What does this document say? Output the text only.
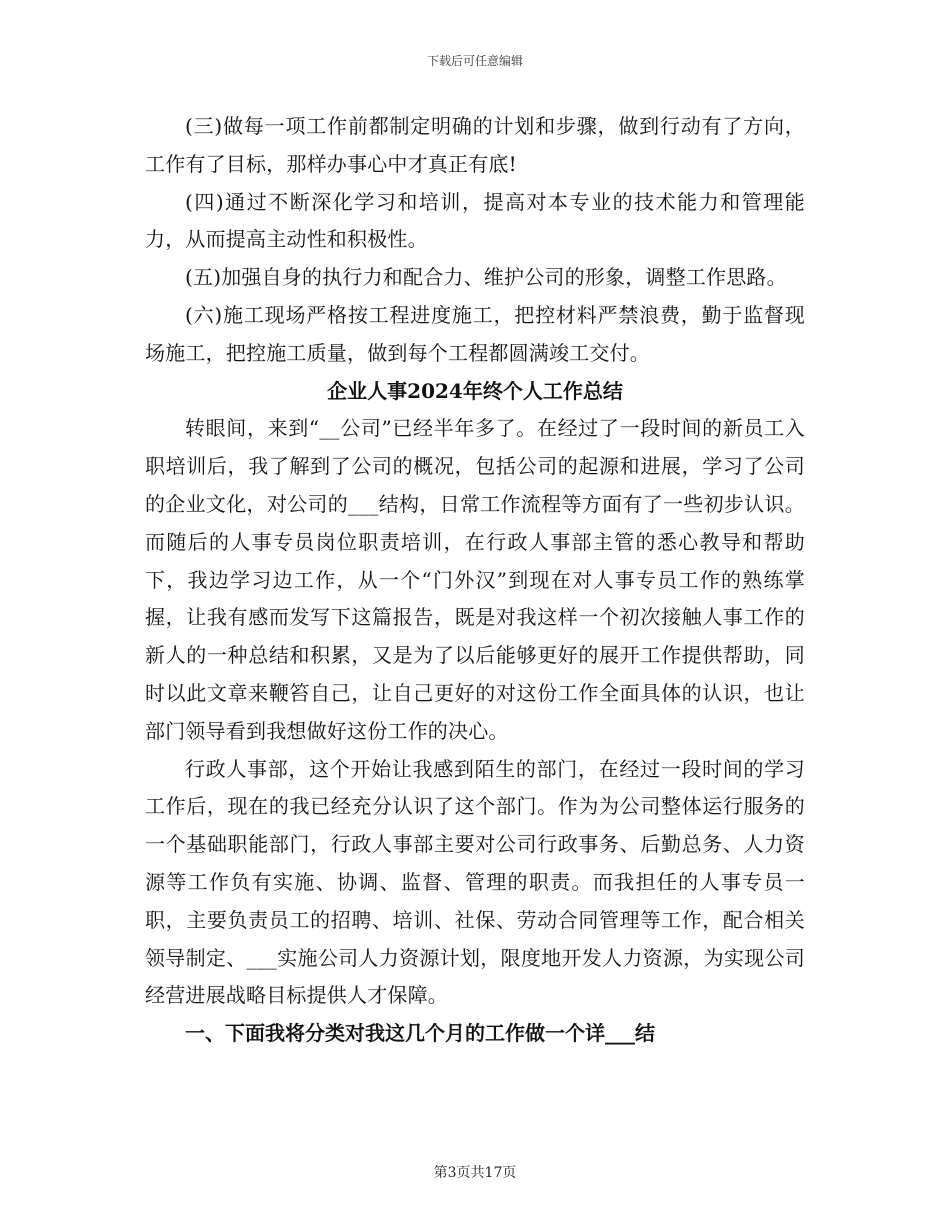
下载后可任意编辑

(三)做每一项工作前都制定明确的计划和步骤，做到行动有了方向，工作有了目标，那样办事心中才真正有底!

(四)通过不断深化学习和培训，提高对本专业的技术能力和管理能力，从而提高主动性和积极性。

(五)加强自身的执行力和配合力、维护公司的形象，调整工作思路。

(六)施工现场严格按工程进度施工，把控材料严禁浪费，勤于监督现场施工，把控施工质量，做到每个工程都圆满竣工交付。

企业人事2024年终个人工作总结

转眼间，来到“__公司”已经半年多了。在经过了一段时间的新员工入职培训后，我了解到了公司的概况，包括公司的起源和进展，学习了公司的企业文化，对公司的___结构，日常工作流程等方面有了一些初步认识。而随后的人事专员岗位职责培训，在行政人事部主管的悉心教导和帮助下，我边学习边工作，从一个“门外汉”到现在对人事专员工作的熟练掌握，让我有感而发写下这篇报告，既是对我这样一个初次接触人事工作的新人的一种总结和积累，又是为了以后能够更好的展开工作提供帮助，同时以此文章来鞭笞自己，让自己更好的对这份工作全面具体的认识，也让部门领导看到我想做好这份工作的决心。

行政人事部，这个开始让我感到陌生的部门，在经过一段时间的学习工作后，现在的我已经充分认识了这个部门。作为为公司整体运行服务的一个基础职能部门，行政人事部主要对公司行政事务、后勤总务、人力资源等工作负有实施、协调、监督、管理的职责。而我担任的人事专员一职，主要负责员工的招聘、培训、社保、劳动合同管理等工作，配合相关领导制定、___实施公司人力资源计划，限度地开发人力资源，为实现公司经营进展战略目标提供人才保障。

一、下面我将分类对我这几个月的工作做一个详___结

第3页共17页
